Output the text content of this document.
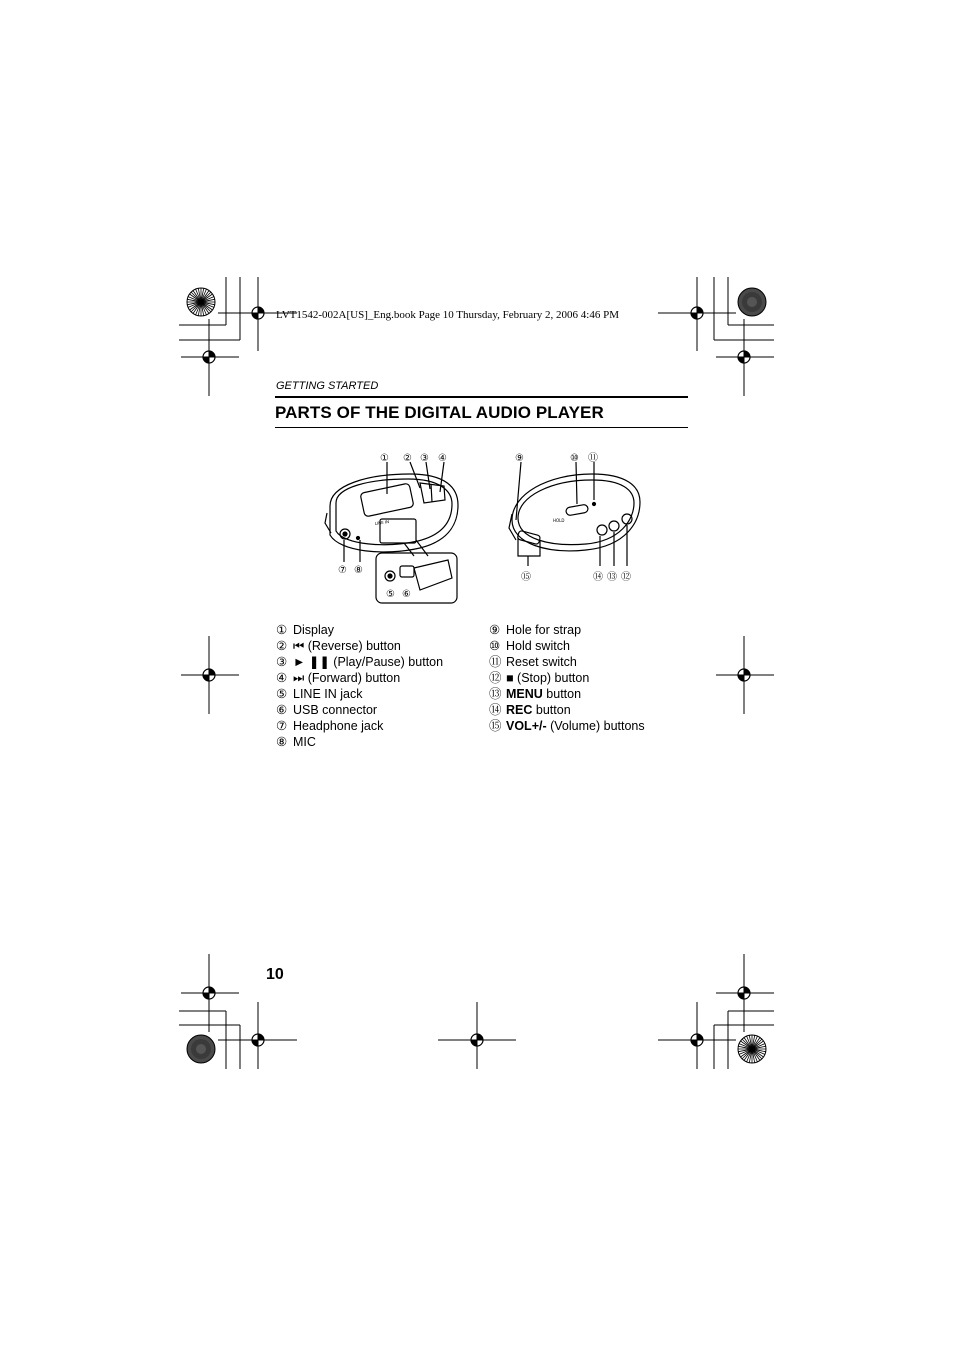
LVT1542-002A[US]_Eng.book Page 10 Thursday, February 2, 2006 4:46 PM
GETTING STARTED
PARTS OF THE DIGITAL AUDIO PLAYER
LINE IN	HOLD
① ② ③ ④
⑤ ⑥
⑦ ⑧
⑨	⑩ ⑪
⑫
⑬
⑭
⑮
① Display
② ⏮ (Reverse) button
③ ► ❚❚ (Play/Pause) button
④ ⏭ (Forward) button
⑤ LINE IN jack
⑥ USB connector
⑦ Headphone jack
⑧ MIC
⑨ Hole for strap
⑩ Hold switch
⑪ Reset switch
⑫ ■ (Stop) button
⑬ MENU button
⑭ REC button
⑮ VOL+/- (Volume) buttons
10
